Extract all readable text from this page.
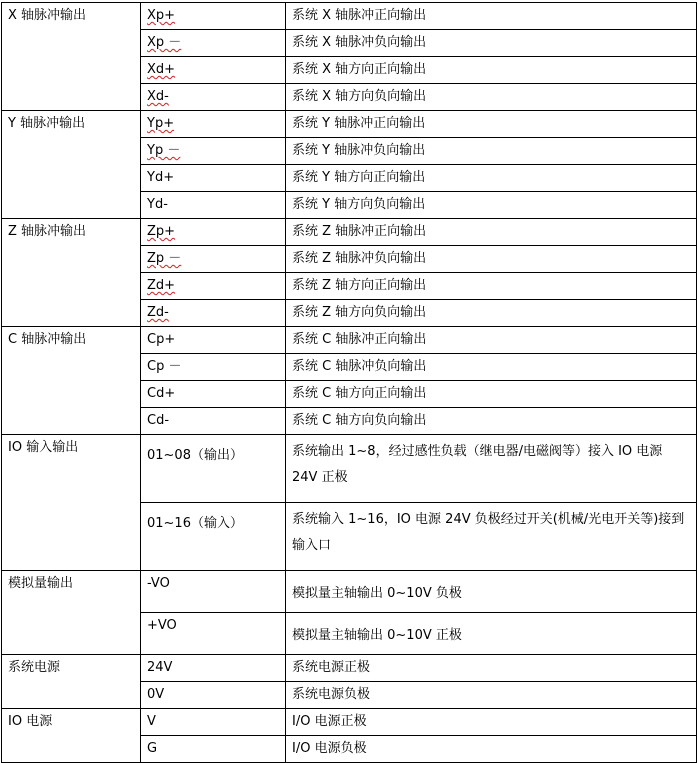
X 轴脉冲输出	Xp+	系统 X 轴脉冲正向输出
	Xp －	系统 X 轴脉冲负向输出
	Xd+	系统 X 轴方向正向输出
	Xd-	系统 X 轴方向负向输出
Y 轴脉冲输出	Yp+	系统 Y 轴脉冲正向输出
	Yp －	系统 Y 轴脉冲负向输出
	Yd+	系统 Y 轴方向正向输出
	Yd-	系统 Y 轴方向负向输出
Z 轴脉冲输出	Zp+	系统 Z 轴脉冲正向输出
	Zp －	系统 Z 轴脉冲负向输出
	Zd+	系统 Z 轴方向正向输出
	Zd-	系统 Z 轴方向负向输出
C 轴脉冲输出	Cp+	系统 C 轴脉冲正向输出
	Cp －	系统 C 轴脉冲负向输出
	Cd+	系统 C 轴方向正向输出
	Cd-	系统 C 轴方向负向输出
IO 输入输出	01~08（输出）	系统输出 1~8，经过感性负载（继电器/电磁阀等）接入 IO 电源 24V 正极
	01~16（输入）	系统输入 1~16，IO 电源 24V 负极经过开关(机械/光电开关等)接到输入口
模拟量输出	-VO	模拟量主轴输出 0~10V 负极
	+VO	模拟量主轴输出 0~10V 正极
系统电源	24V	系统电源正极
	0V	系统电源负极
IO 电源	V	I/O 电源正极
	G	I/O 电源负极
